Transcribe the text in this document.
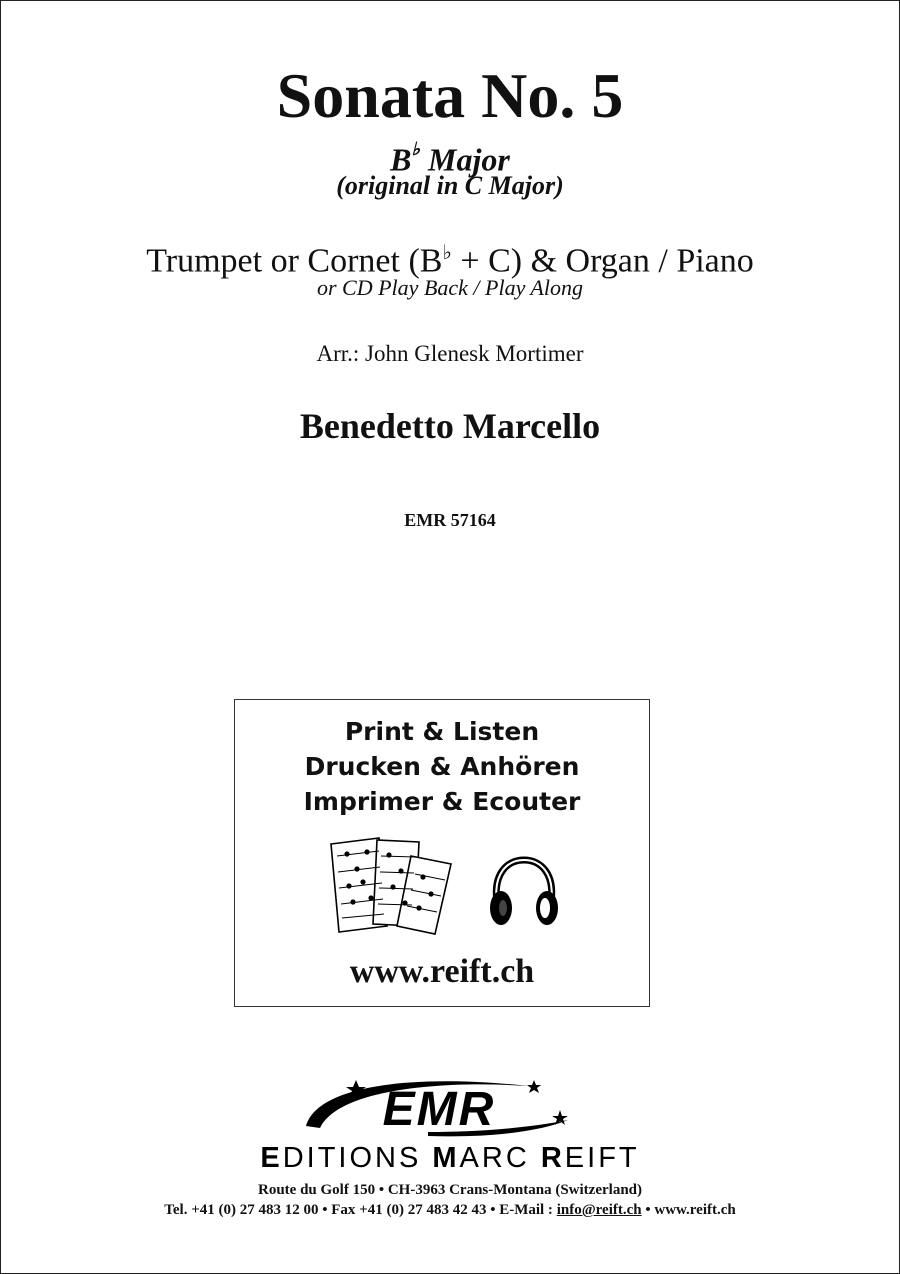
Sonata No. 5
B♭ Major
(original in C Major)
Trumpet or Cornet (B♭ + C) & Organ / Piano
or CD Play Back / Play Along
Arr.: John Glenesk Mortimer
Benedetto Marcello
EMR 57164
Print & Listen
Drucken & Anhören
Imprimer & Ecouter
www.reift.ch
EMR
EDITIONS MARC REIFT
Route du Golf 150 • CH-3963 Crans-Montana (Switzerland)
Tel. +41 (0) 27 483 12 00 • Fax +41 (0) 27 483 42 43 • E-Mail : info@reift.ch • www.reift.ch
